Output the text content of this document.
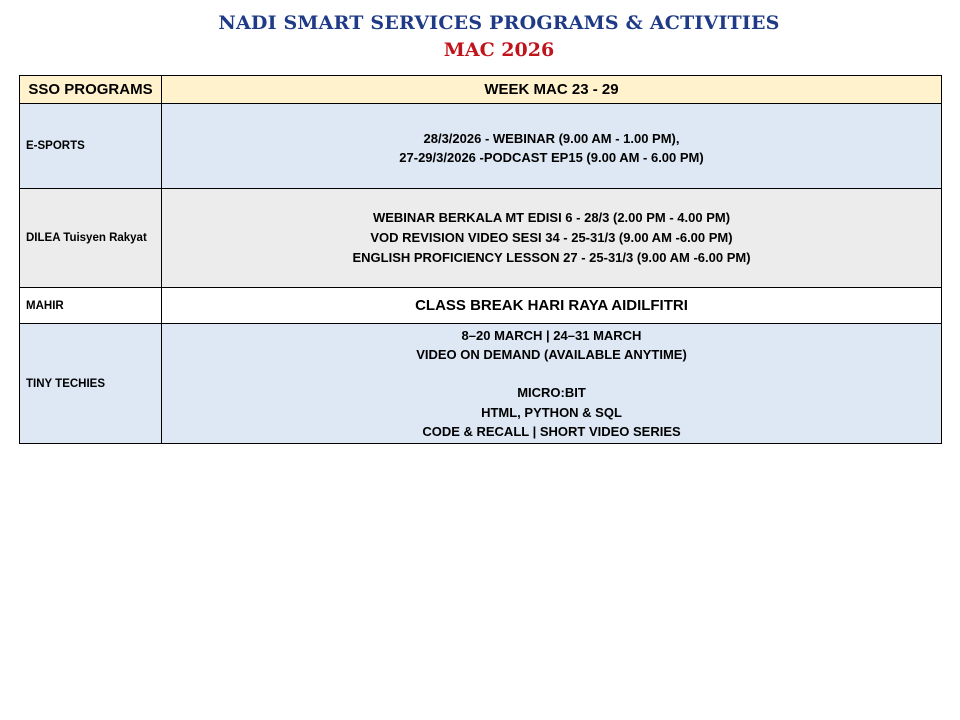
NADI SMART SERVICES PROGRAMS & ACTIVITIES
MAC 2026
SSO PROGRAMS	WEEK MAC 23 - 29
E-SPORTS	28/3/2026 - WEBINAR (9.00 AM - 1.00 PM),
27-29/3/2026 -PODCAST EP15 (9.00 AM - 6.00 PM)

DILEA Tuisyen Rakyat	WEBINAR BERKALA MT EDISI 6 - 28/3 (2.00 PM - 4.00 PM)
VOD REVISION VIDEO SESI 34 - 25-31/3 (9.00 AM -6.00 PM)
ENGLISH PROFICIENCY LESSON 27 - 25-31/3 (9.00 AM -6.00 PM)

MAHIR	CLASS BREAK HARI RAYA AIDILFITRI

TINY TECHIES	8–20 MARCH | 24–31 MARCH
VIDEO ON DEMAND (AVAILABLE ANYTIME)
MICRO:BIT
HTML, PYTHON & SQL
CODE & RECALL | SHORT VIDEO SERIES
